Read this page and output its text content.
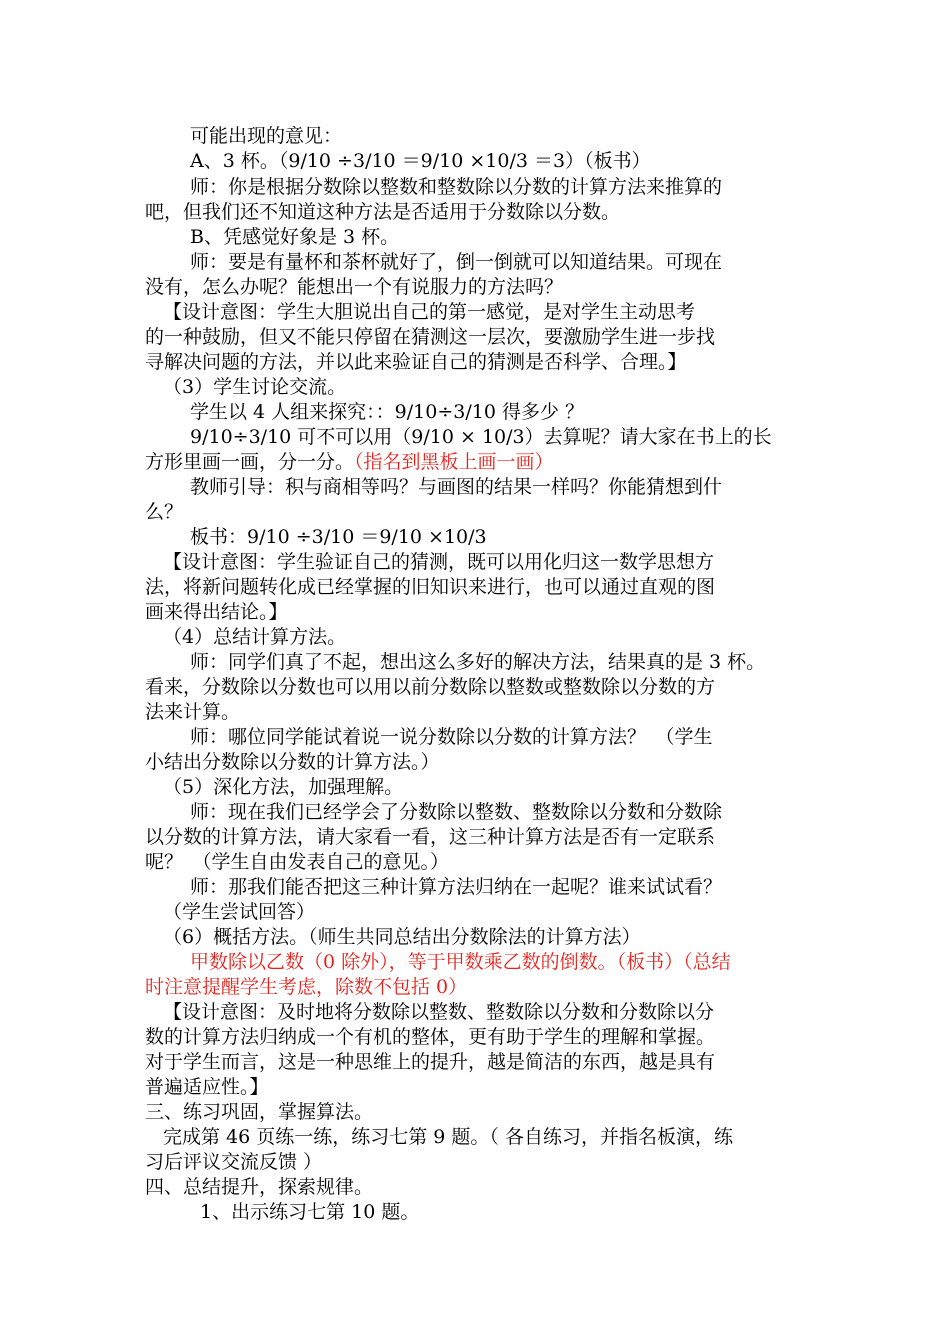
可能出现的意见：
A、3 杯。（9/10 ÷3/10 ＝9/10 ×10/3 ＝3）（板书）
师：你是根据分数除以整数和整数除以分数的计算方法来推算的
吧，但我们还不知道这种方法是否适用于分数除以分数。
B、凭感觉好象是 3 杯。
师：要是有量杯和茶杯就好了，倒一倒就可以知道结果。可现在
没有，怎么办呢？能想出一个有说服力的方法吗？
【设计意图：学生大胆说出自己的第一感觉，是对学生主动思考
的一种鼓励，但又不能只停留在猜测这一层次，要激励学生进一步找
寻解决问题的方法，并以此来验证自己的猜测是否科学、合理。】
（3）学生讨论交流。
学生以 4 人组来探究：：9/10÷3/10 得多少 ？
9/10÷3/10 可不可以用（9/10 × 10/3）去算呢？请大家在书上的长
方形里画一画，分一分。（指名到黑板上画一画）
教师引导：积与商相等吗？与画图的结果一样吗？你能猜想到什
么？
板书：9/10 ÷3/10 ＝9/10 ×10/3
【设计意图：学生验证自己的猜测，既可以用化归这一数学思想方
法，将新问题转化成已经掌握的旧知识来进行，也可以通过直观的图
画来得出结论。】
（4）总结计算方法。
师：同学们真了不起，想出这么多好的解决方法，结果真的是 3 杯。
看来，分数除以分数也可以用以前分数除以整数或整数除以分数的方
法来计算。
师：哪位同学能试着说一说分数除以分数的计算方法？　（学生
小结出分数除以分数的计算方法。）
（5）深化方法，加强理解。
师：现在我们已经学会了分数除以整数、整数除以分数和分数除
以分数的计算方法，请大家看一看，这三种计算方法是否有一定联系
呢？　（学生自由发表自己的意见。）
师：那我们能否把这三种计算方法归纳在一起呢？谁来试试看？
（学生尝试回答）
（6）概括方法。（师生共同总结出分数除法的计算方法）
甲数除以乙数（0 除外），等于甲数乘乙数的倒数。（板书）（总结
时注意提醒学生考虑，除数不包括 0）
【设计意图：及时地将分数除以整数、整数除以分数和分数除以分
数的计算方法归纳成一个有机的整体，更有助于学生的理解和掌握。
对于学生而言，这是一种思维上的提升，越是简洁的东西，越是具有
普遍适应性。】
三、练习巩固，掌握算法。
完成第 46 页练一练，练习七第 9 题。（ 各自练习，并指名板演，练
习后评议交流反馈 ）
四、总结提升，探索规律。
1、出示练习七第 10 题。
